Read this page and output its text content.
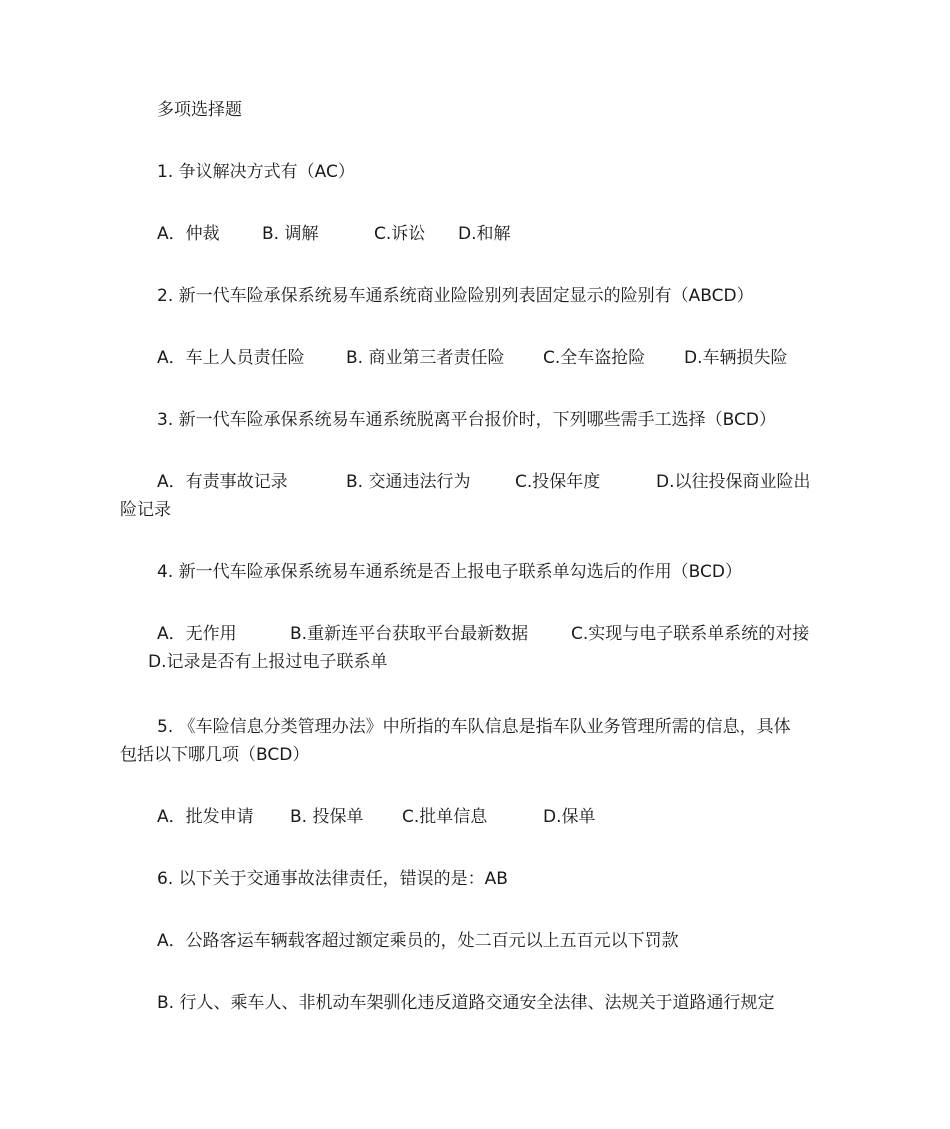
多项选择题
1. 争议解决方式有（AC）
A．仲裁 B. 调解	C.诉讼 D.和解
2. 新一代车险承保系统易车通系统商业险险别列表固定显示的险别有（ABCD）
A．车上人员责任险 B. 商业第三者责任险 C.全车盗抢险 D.车辆损失险
3. 新一代车险承保系统易车通系统脱离平台报价时，下列哪些需手工选择（BCD）
A．有责事故记录	B. 交通违法行为	C.投保年度	D.以往投保商业险出
险记录
4. 新一代车险承保系统易车通系统是否上报电子联系单勾选后的作用（BCD）
A．无作用	B.重新连平台获取平台最新数据	C.实现与电子联系单系统的对接
D.记录是否有上报过电子联系单
5. 《车险信息分类管理办法》中所指的车队信息是指车队业务管理所需的信息，具体
包括以下哪几项（BCD）
A．批发申请 B. 投保单 C.批单信息	D.保单
6. 以下关于交通事故法律责任，错误的是：AB
A．公路客运车辆载客超过额定乘员的，处二百元以上五百元以下罚款
B. 行人、乘车人、非机动车架驯化违反道路交通安全法律、法规关于道路通行规定
